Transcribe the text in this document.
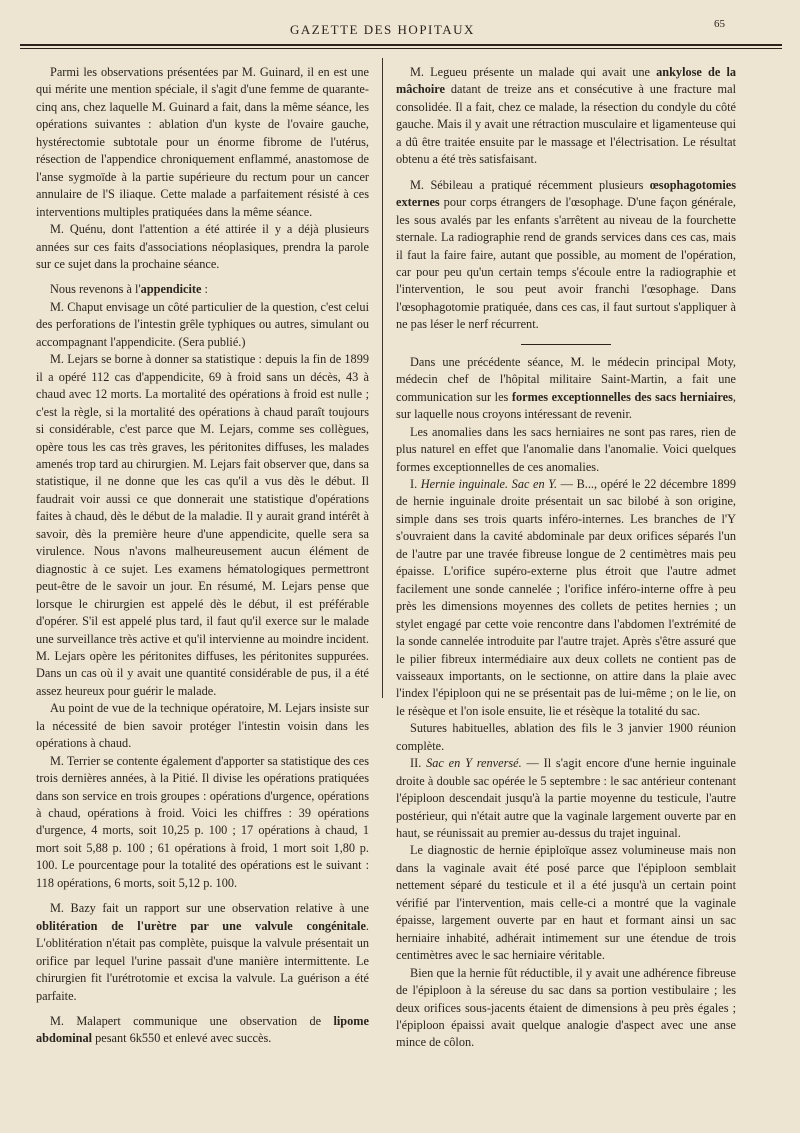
GAZETTE DES HOPITAUX	65

Parmi les observations présentées par M. Guinard, il en est une qui mérite une mention spéciale, il s'agit d'une femme de quarante-cinq ans, chez laquelle M. Guinard a fait, dans la même séance, les opérations suivantes : ablation d'un kyste de l'ovaire gauche, hystérectomie subtotale pour un énorme fibrome de l'utérus, résection de l'appendice chroniquement enflammé, anastomose de l'anse sygmoïde à la partie supérieure du rectum pour un cancer annulaire de l'S iliaque. Cette malade a parfaitement résisté à ces interventions multiples pratiquées dans la même séance.

M. Quénu, dont l'attention a été attirée il y a déjà plusieurs années sur ces faits d'associations néoplasiques, prendra la parole sur ce sujet dans la prochaine séance.

Nous revenons à l'appendicite :

M. Chaput envisage un côté particulier de la question, c'est celui des perforations de l'intestin grêle typhiques ou autres, simulant ou accompagnant l'appendicite. (Sera publié.)

M. Lejars se borne à donner sa statistique : depuis la fin de 1899 il a opéré 112 cas d'appendicite, 69 à froid sans un décès, 43 à chaud avec 12 morts. La mortalité des opérations à froid est nulle ; c'est la règle, si la mortalité des opérations à chaud paraît toujours si considérable, c'est parce que M. Lejars, comme ses collègues, opère tous les cas très graves, les péritonites diffuses, les malades amenés trop tard au chirurgien. M. Lejars fait observer que, dans sa statistique, il ne donne que les cas qu'il a vus dès le début. Il faudrait voir aussi ce que donnerait une statistique d'opérations faites à chaud, dès le début de la maladie. Il y aurait grand intérêt à savoir, dès la première heure d'une appendicite, quelle sera sa virulence. Nous n'avons malheureusement aucun élément de diagnostic à ce sujet. Les examens hématologiques permettront peut-être de le savoir un jour. En résumé, M. Lejars pense que lorsque le chirurgien est appelé dès le début, il est préférable d'opérer. S'il est appelé plus tard, il faut qu'il exerce sur le malade une surveillance très active et qu'il intervienne au moindre incident. M. Lejars opère les péritonites diffuses, les péritonites suppurées. Dans un cas où il y avait une quantité considérable de pus, il a été assez heureux pour guérir le malade.

Au point de vue de la technique opératoire, M. Lejars insiste sur la nécessité de bien savoir protéger l'intestin voisin dans les opérations à chaud.

M. Terrier se contente également d'apporter sa statistique des ces trois dernières années, à la Pitié. Il divise les opérations pratiquées dans son service en trois groupes : opérations d'urgence, opérations à chaud, opérations à froid. Voici les chiffres : 39 opérations d'urgence, 4 morts, soit 10,25 p. 100 ; 17 opérations à chaud, 1 mort soit 5,88 p. 100 ; 61 opérations à froid, 1 mort soit 1,80 p. 100. Le pourcentage pour la totalité des opérations est le suivant : 118 opérations, 6 morts, soit 5,12 p. 100.

M. Bazy fait un rapport sur une observation relative à une oblitération de l'urètre par une valvule congénitale. L'oblitération n'était pas complète, puisque la valvule présentait un orifice par lequel l'urine passait d'une manière intermittente. Le chirurgien fit l'urétrotomie et excisa la valvule. La guérison a été parfaite.

M. Malapert communique une observation de lipome abdominal pesant 6k550 et enlevé avec succès.

M. Legueu présente un malade qui avait une ankylose de la mâchoire datant de treize ans et consécutive à une fracture mal consolidée. Il a fait, chez ce malade, la résection du condyle du côté gauche. Mais il y avait une rétraction musculaire et ligamenteuse qui a dû être traitée ensuite par le massage et l'électrisation. Le résultat obtenu a été très satisfaisant.

M. Sébileau a pratiqué récemment plusieurs œsophagotomies externes pour corps étrangers de l'œsophage. D'une façon générale, les sous avalés par les enfants s'arrêtent au niveau de la fourchette sternale. La radiographie rend de grands services dans ces cas, mais il faut la faire faire, autant que possible, au moment de l'opération, car pour peu qu'un certain temps s'écoule entre la radiographie et l'intervention, le sou peut avoir franchi l'œsophage. Dans l'œsophagotomie pratiquée, dans ces cas, il faut surtout s'appliquer à ne pas léser le nerf récurrent.

Dans une précédente séance, M. le médecin principal Moty, médecin chef de l'hôpital militaire Saint-Martin, a fait une communication sur les formes exceptionnelles des sacs herniaires, sur laquelle nous croyons intéressant de revenir.

Les anomalies dans les sacs herniaires ne sont pas rares, rien de plus naturel en effet que l'anomalie dans l'anomalie. Voici quelques formes exceptionnelles de ces anomalies.

I. Hernie inguinale. Sac en Y. — B..., opéré le 22 décembre 1899 de hernie inguinale droite présentait un sac bilobé à son origine, simple dans ses trois quarts inféro-internes. Les branches de l'Y s'ouvraient dans la cavité abdominale par deux orifices séparés l'un de l'autre par une travée fibreuse longue de 2 centimètres mais peu épaisse. L'orifice supéro-externe plus étroit que l'autre admet facilement une sonde cannelée ; l'orifice inféro-interne offre à peu près les dimensions moyennes des collets de petites hernies ; un stylet engagé par cette voie rencontre dans l'abdomen l'extrémité de la sonde cannelée introduite par l'autre trajet. Après s'être assuré que le pilier fibreux intermédiaire aux deux collets ne contient pas de vaisseaux importants, on le sectionne, on attire dans la plaie avec l'index l'épiploon qui ne se présentait pas de lui-même ; on le lie, on le résèque et l'on isole ensuite, lie et résèque la totalité du sac.

Sutures habituelles, ablation des fils le 3 janvier 1900 réunion complète.

II. Sac en Y renversé. — Il s'agit encore d'une hernie inguinale droite à double sac opérée le 5 septembre : le sac antérieur contenant l'épiploon descendait jusqu'à la partie moyenne du testicule, l'autre postérieur, qui n'était autre que la vaginale largement ouverte par en haut, se réunissait au premier au-dessus du trajet inguinal.

Le diagnostic de hernie épiploïque assez volumineuse mais non dans la vaginale avait été posé parce que l'épiploon semblait nettement séparé du testicule et il a été jusqu'à un certain point vérifié par l'intervention, mais celle-ci a montré que la vaginale épaisse, largement ouverte par en haut et formant ainsi un sac herniaire inhabité, adhérait intimement sur une étendue de trois centimètres avec le sac herniaire véritable.

Bien que la hernie fût réductible, il y avait une adhérence fibreuse de l'épiploon à la séreuse du sac dans sa portion vestibulaire ; les deux orifices sous-jacents étaient de dimensions à peu près égales ; l'épiploon épaissi avait quelque analogie d'aspect avec une anse mince de côlon.
